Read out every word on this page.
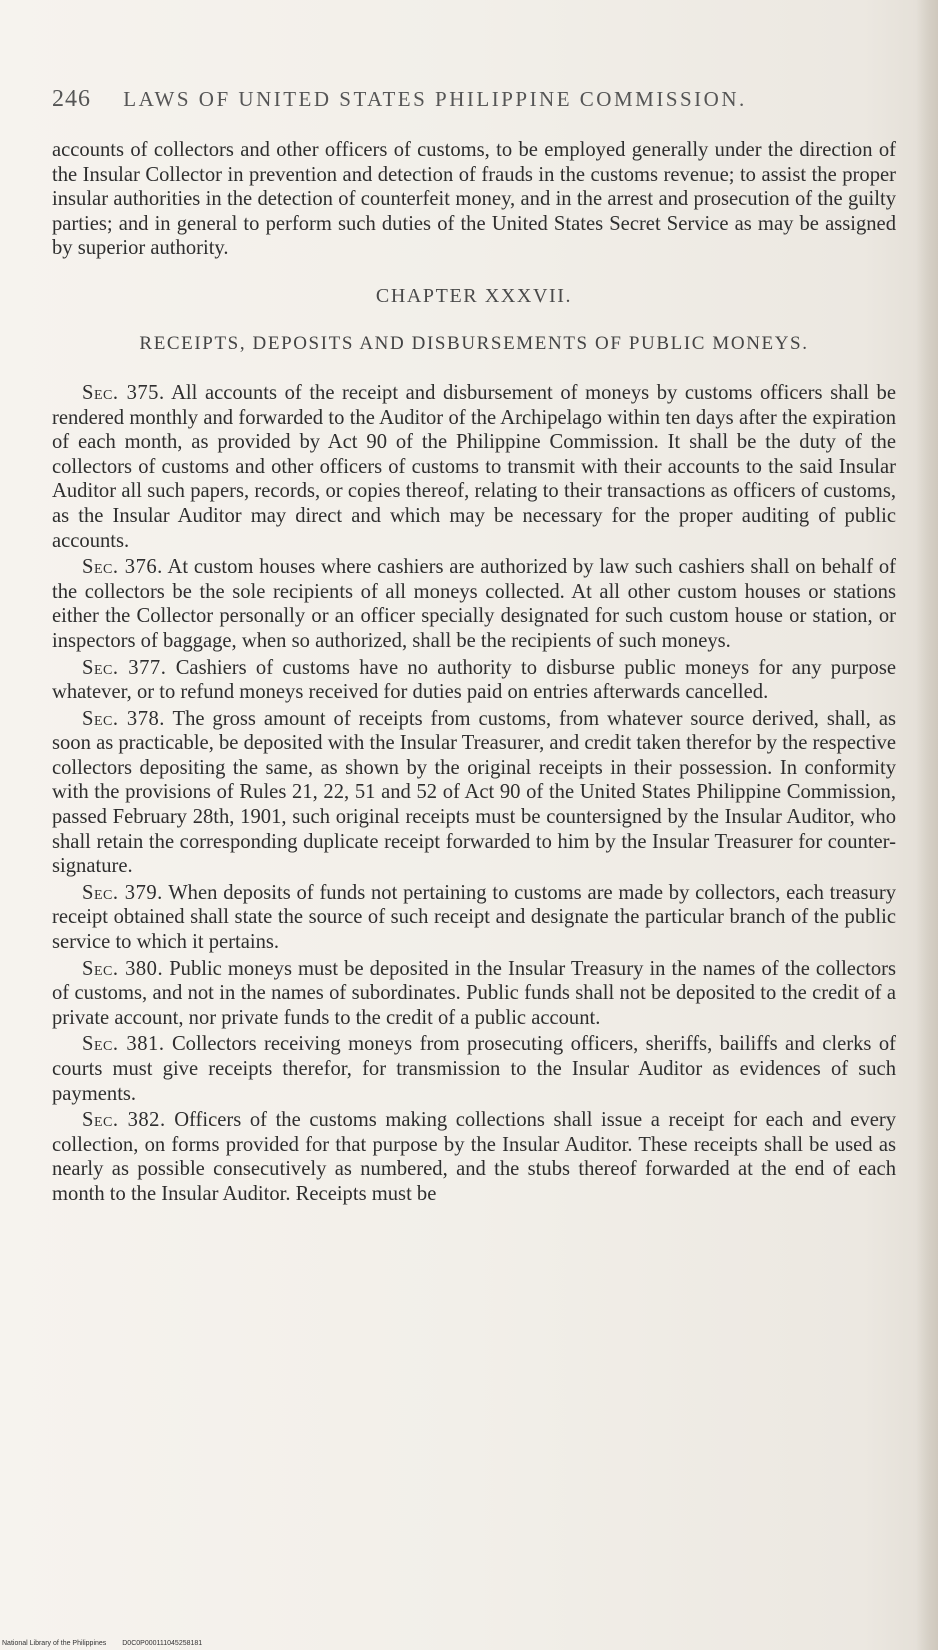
246 LAWS OF UNITED STATES PHILIPPINE COMMISSION.

accounts of collectors and other officers of customs, to be employed generally under the direction of the Insular Collector in prevention and detection of frauds in the customs revenue; to assist the proper insular authorities in the detection of counterfeit money, and in the arrest and prosecution of the guilty parties; and in general to perform such duties of the United States Secret Service as may be assigned by superior authority.

CHAPTER XXXVII.
RECEIPTS, DEPOSITS AND DISBURSEMENTS OF PUBLIC MONEYS.

Sec. 375. All accounts of the receipt and disbursement of moneys by customs officers shall be rendered monthly and forwarded to the Auditor of the Archipelago within ten days after the expiration of each month, as provided by Act 90 of the Philippine Commission. It shall be the duty of the collectors of customs and other officers of customs to transmit with their accounts to the said Insular Auditor all such papers, records, or copies thereof, relating to their transactions as officers of customs, as the Insular Auditor may direct and which may be necessary for the proper auditing of public accounts.

Sec. 376. At custom houses where cashiers are authorized by law such cashiers shall on behalf of the collectors be the sole recipients of all moneys collected. At all other custom houses or stations either the Collector personally or an officer specially designated for such custom house or station, or inspectors of baggage, when so authorized, shall be the recipients of such moneys.

Sec. 377. Cashiers of customs have no authority to disburse public moneys for any purpose whatever, or to refund moneys received for duties paid on entries afterwards cancelled.

Sec. 378. The gross amount of receipts from customs, from whatever source derived, shall, as soon as practicable, be deposited with the Insular Treasurer, and credit taken therefor by the respective collectors depositing the same, as shown by the original receipts in their possession. In conformity with the provisions of Rules 21, 22, 51 and 52 of Act 90 of the United States Philippine Commission, passed February 28th, 1901, such original receipts must be countersigned by the Insular Auditor, who shall retain the corresponding duplicate receipt forwarded to him by the Insular Treasurer for counter-signature.

Sec. 379. When deposits of funds not pertaining to customs are made by collectors, each treasury receipt obtained shall state the source of such receipt and designate the particular branch of the public service to which it pertains.

Sec. 380. Public moneys must be deposited in the Insular Treasury in the names of the collectors of customs, and not in the names of subordinates. Public funds shall not be deposited to the credit of a private account, nor private funds to the credit of a public account.

Sec. 381. Collectors receiving moneys from prosecuting officers, sheriffs, bailiffs and clerks of courts must give receipts therefor, for transmission to the Insular Auditor as evidences of such payments.

Sec. 382. Officers of the customs making collections shall issue a receipt for each and every collection, on forms provided for that purpose by the Insular Auditor. These receipts shall be used as nearly as possible consecutively as numbered, and the stubs thereof forwarded at the end of each month to the Insular Auditor. Receipts must be

National Library of the Philippines D0C0P000111045258181
